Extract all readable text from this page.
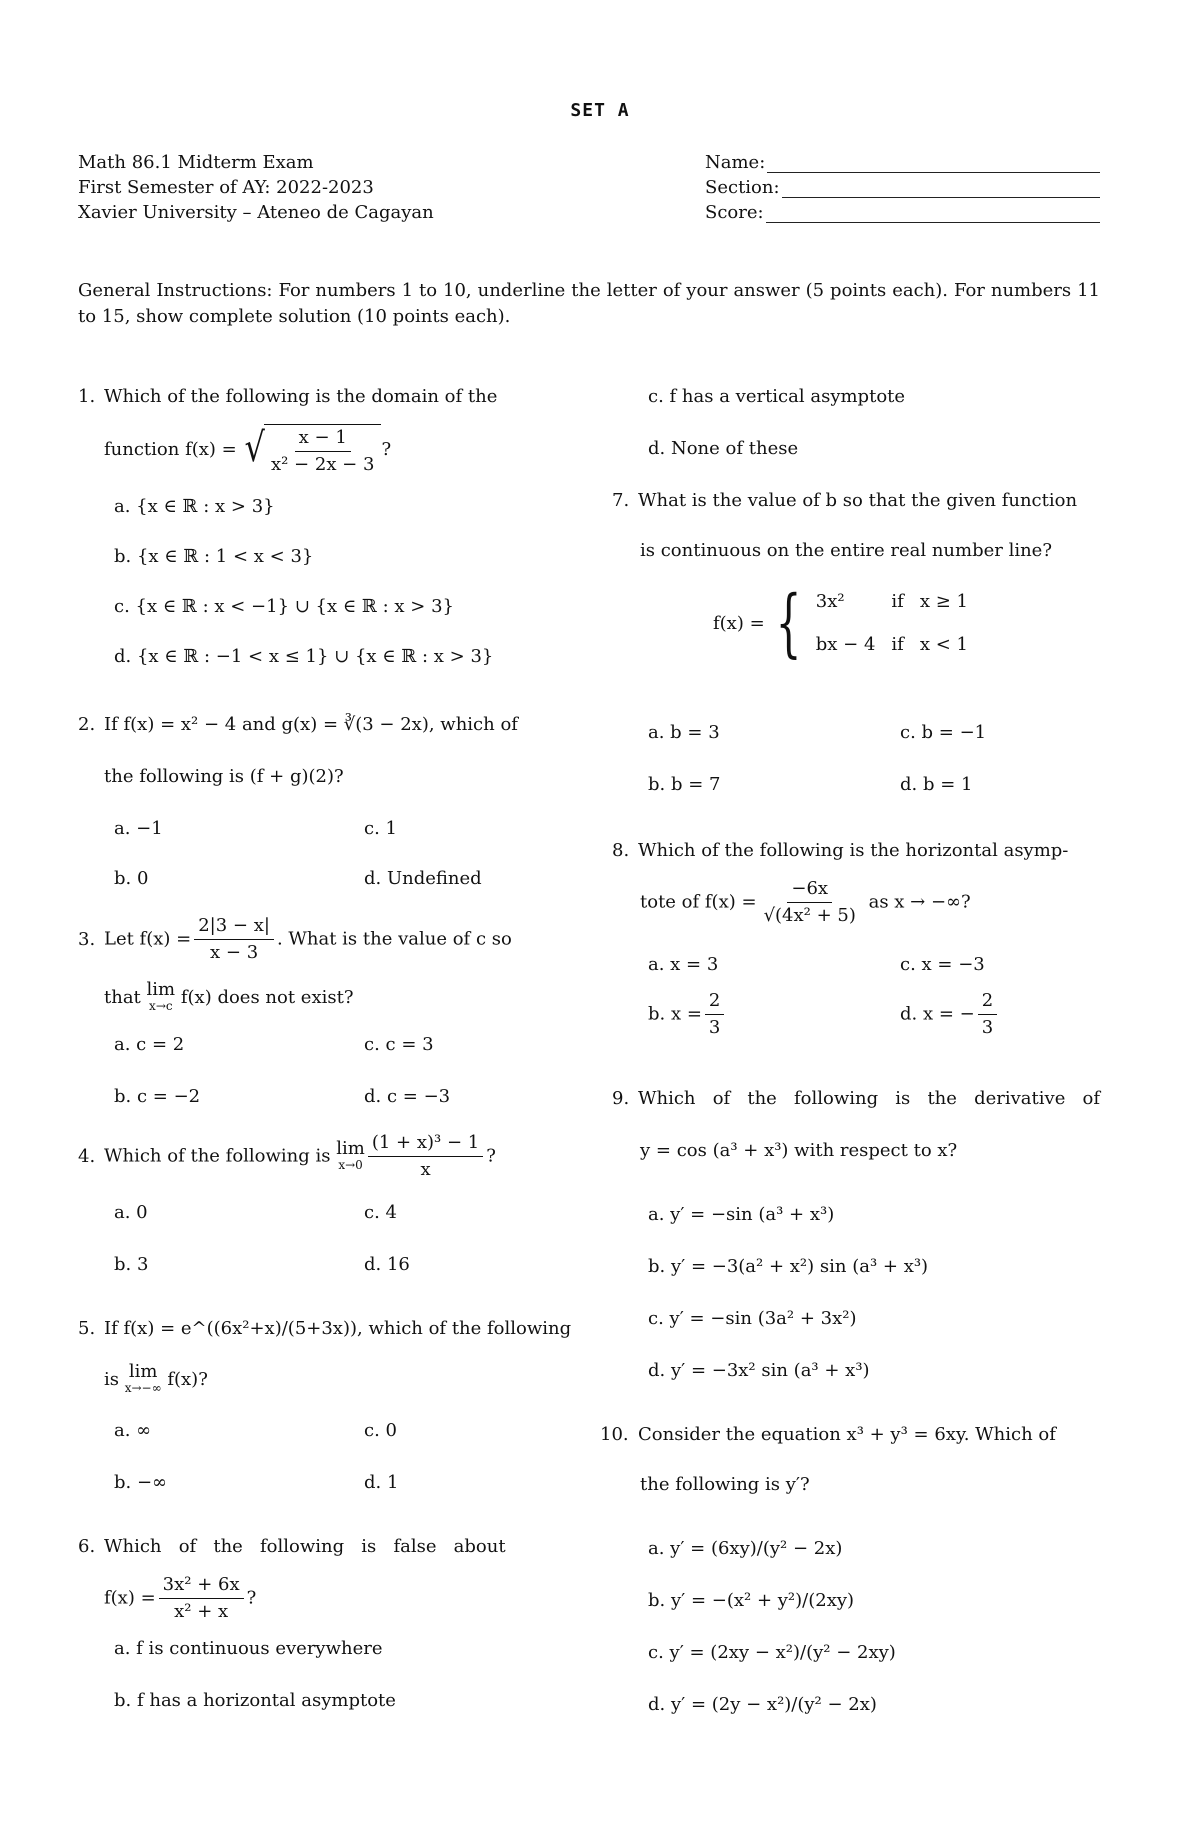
SET A
Math 86.1 Midterm Exam
First Semester of AY: 2022-2023
Xavier University – Ateneo de Cagayan
Name:
Section:
Score:
General Instructions: For numbers 1 to 10, underline the letter of your answer (5 points each). For numbers 11 to 15, show complete solution (10 points each).
1. Which of the following is the domain of the
function f(x) = √ $\frac{x - 1}{\text{x² − 2x − 3}}$ ?
a. {x ∈ ℝ : x > 3}
b. {x ∈ ℝ : 1 < x < 3}
c. {x ∈ ℝ : x < −1} ∪ {x ∈ ℝ : x > 3}
d. {x ∈ ℝ : −1 < x ≤ 1} ∪ {x ∈ ℝ : x > 3}
2. If f(x) = x² − 4 and g(x) = ∛(3 − 2x), which of
the following is (f + g)(2)?
a. −1	c. 1
b. 0	d. Undefined
3. Let $f(x) = \frac{2|3 - x|}{x - 3}$ . What is the value of c so
that lim
x→c f(x) does not exist?
a. c = 2	c. c = 3
b. c = −2	d. c = −3
4. Which of the following is lim
$x\to 0 \frac{\text{(1 + x)³ − 1}}{x}$ ?
a. 0	c. 4
b. 3	d. 16
5. If f(x) = e^((6x²+x)/(5+3x)), which of the following
is lim
x→−∞ f(x)?
a. ∞	c. 0
b. −∞	d. 1
6. Which   of   the   following   is   false   about
$f(x) = \frac{\text{3x² + 6x}}{\text{x² + x}}$ ?
a. f is continuous everywhere
b. f has a horizontal asymptote
c. f has a vertical asymptote
d. None of these
7. What is the value of b so that the given function
is continuous on the entire real number line?
f(x) = { 3x²	if	x ≥ 1
bx − 4	if	x < 1
a. b = 3	c. b = −1
b. b = 7	d. b = 1
8. Which of the following is the horizontal asymp-
tote of $f(x) = \frac{-6x}{\text{√(4x² + 5)}}$ as x → −∞?
a. x = 3	c. x = −3
b. $x = \frac{2}{3}$	d. x = − $\frac{2}{3}$
9. Which   of   the   following   is   the   derivative   of
y = cos (a³ + x³) with respect to x?
a. y′ = −sin (a³ + x³)
b. y′ = −3(a² + x²) sin (a³ + x³)
c. y′ = −sin (3a² + 3x²)
d. y′ = −3x² sin (a³ + x³)
10. Consider the equation x³ + y³ = 6xy. Which of
the following is y′?
a. y′ = (6xy)/(y² − 2x)
b. y′ = −(x² + y²)/(2xy)
c. y′ = (2xy − x²)/(y² − 2xy)
d. y′ = (2y − x²)/(y² − 2x)
